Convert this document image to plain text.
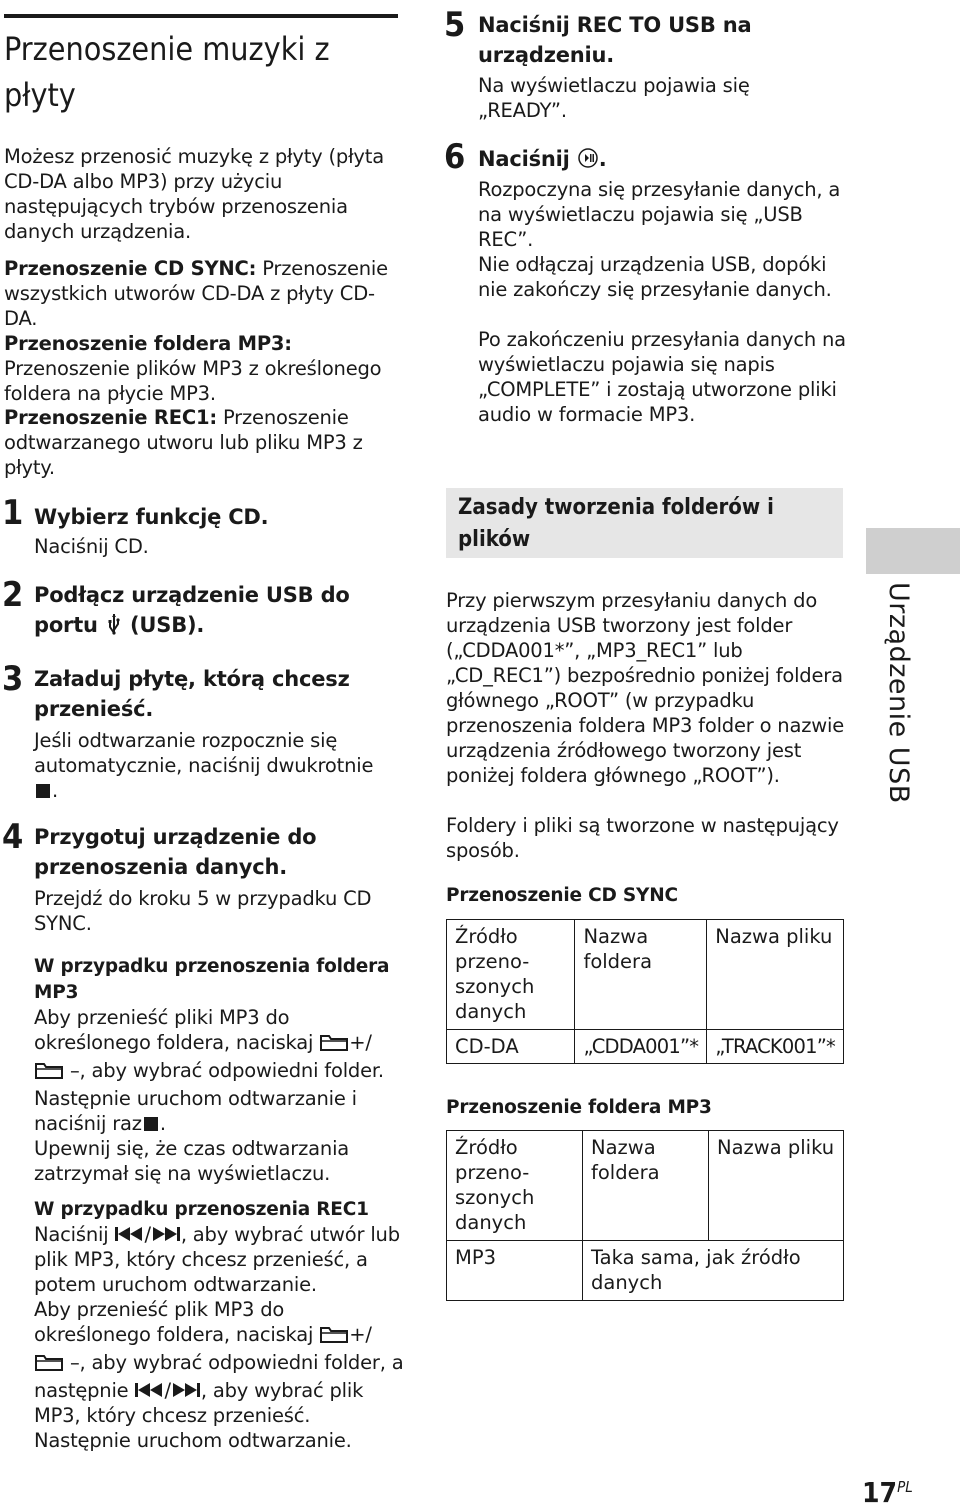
Przenoszenie muzyki z płyty
Możesz przenosić muzykę z płyty (płyta CD-DA albo MP3) przy użyciu następujących trybów przenoszenia danych urządzenia.
Przenoszenie CD SYNC: Przenoszenie wszystkich utworów CD-DA z płyty CD-DA.
Przenoszenie foldera MP3: Przenoszenie plików MP3 z określonego foldera na płycie MP3.
Przenoszenie REC1: Przenoszenie odtwarzanego utworu lub pliku MP3 z płyty.
1 Wybierz funkcję CD.
Naciśnij CD.
2 Podłącz urządzenie USB do portu  (USB).
3 Załaduj płytę, którą chcesz przenieść.
Jeśli odtwarzanie rozpocznie się automatycznie, naciśnij dwukrotnie
.
4 Przygotuj urządzenie do przenoszenia danych.
Przejdź do kroku 5 w przypadku CD SYNC.
W przypadku przenoszenia foldera MP3
Aby przenieść pliki MP3 do określonego foldera, naciskaj +/
–, aby wybrać odpowiedni folder. Następnie uruchom odtwarzanie i naciśnij raz .
Upewnij się, że czas odtwarzania zatrzymał się na wyświetlaczu.
W przypadku przenoszenia REC1
Naciśnij / , aby wybrać utwór lub plik MP3, który chcesz przenieść, a potem uruchom odtwarzanie.
Aby przenieść plik MP3 do określonego foldera, naciskaj +/
–, aby wybrać odpowiedni folder, a następnie / , aby wybrać plik MP3, który chcesz przenieść. Następnie uruchom odtwarzanie.
5 Naciśnij REC TO USB na urządzeniu.
Na wyświetlaczu pojawia się „READY”.
6 Naciśnij .
Rozpoczyna się przesyłanie danych, a na wyświetlaczu pojawia się „USB REC”.
Nie odłączaj urządzenia USB, dopóki nie zakończy się przesyłanie danych.
Po zakończeniu przesyłania danych na wyświetlaczu pojawia się napis „COMPLETE” i zostają utworzone pliki audio w formacie MP3.
Zasady tworzenia folderów i plików
Przy pierwszym przesyłaniu danych do urządzenia USB tworzony jest folder („CDDA001*”, „MP3_REC1” lub „CD_REC1”) bezpośrednio poniżej foldera głównego „ROOT” (w przypadku przenoszenia foldera MP3 folder o nazwie urządzenia źródłowego tworzony jest poniżej foldera głównego „ROOT”).
Foldery i pliki są tworzone w następujący sposób.
Przenoszenie CD SYNC
Źródło przeno-szonych danych	Nazwa foldera	Nazwa pliku
CD-DA	„CDDA001”*	„TRACK001”*
Przenoszenie foldera MP3
Źródło przeno-szonych danych	Nazwa foldera	Nazwa pliku
MP3	Taka sama, jak źródło danych	
Urządzenie USB
$17^{PL}$
